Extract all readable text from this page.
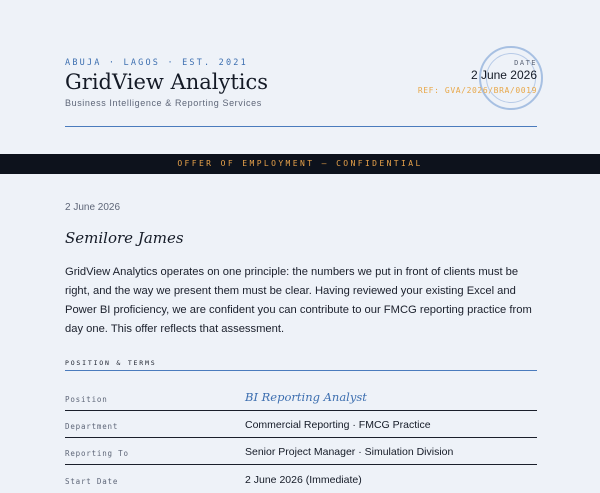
ABUJA · LAGOS · EST. 2021
GridView Analytics
Business Intelligence & Reporting Services
DATE
2 June 2026
REF: GVA/2026/BRA/0019
OFFER OF EMPLOYMENT — CONFIDENTIAL
2 June 2026
Semilore James
GridView Analytics operates on one principle: the numbers we put in front of clients must be right, and the way we present them must be clear. Having reviewed your existing Excel and Power BI proficiency, we are confident you can contribute to our FMCG reporting practice from day one. This offer reflects that assessment.
POSITION & TERMS
Position	BI Reporting Analyst
Department	Commercial Reporting · FMCG Practice
Reporting To	Senior Project Manager · Simulation Division
Start Date	2 June 2026 (Immediate)
